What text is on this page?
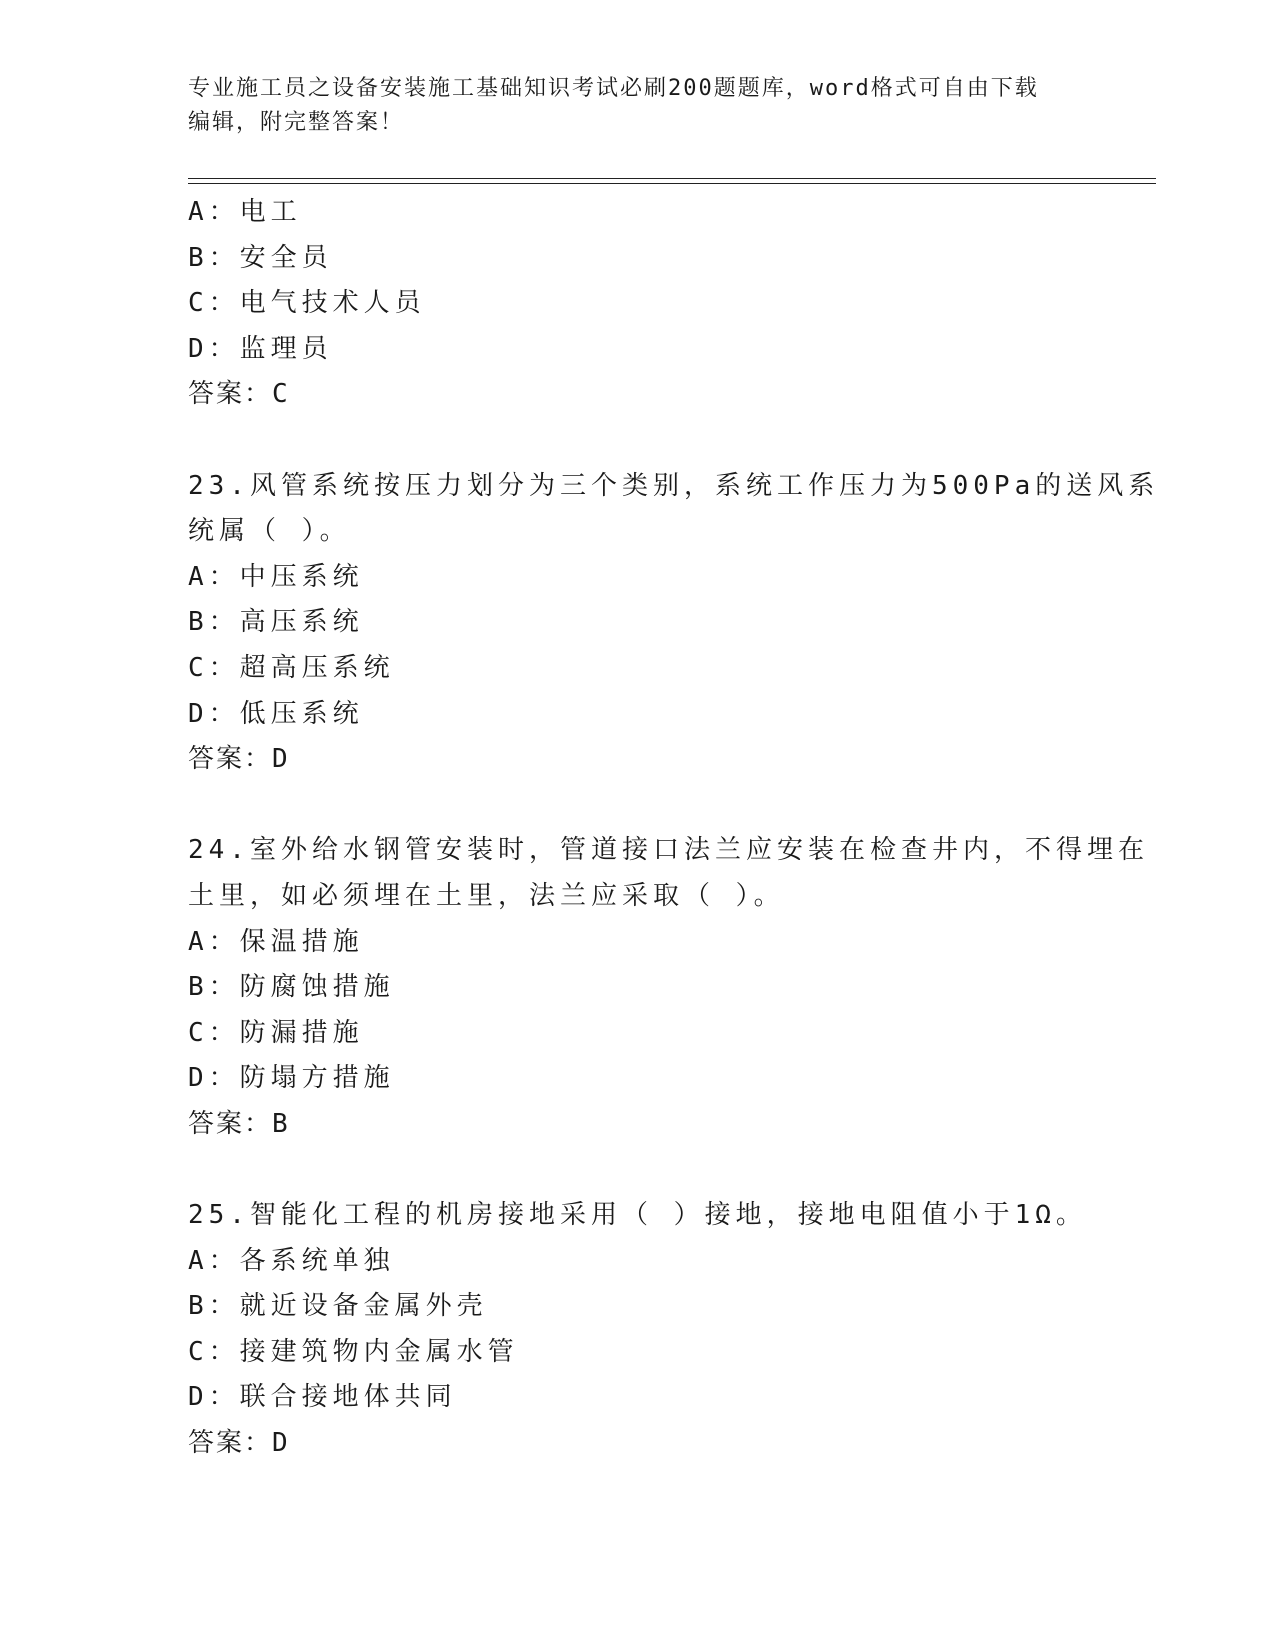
专业施工员之设备安装施工基础知识考试必刷200题题库，word格式可自由下载
编辑，附完整答案！
A：电工
B：安全员
C：电气技术人员
D：监理员
答案：C
23.风管系统按压力划分为三个类别，系统工作压力为500Pa的送风系
统属（ ）。
A：中压系统
B：高压系统
C：超高压系统
D：低压系统
答案：D
24.室外给水钢管安装时，管道接口法兰应安装在检查井内，不得埋在
土里，如必须埋在土里，法兰应采取（ ）。
A：保温措施
B：防腐蚀措施
C：防漏措施
D：防塌方措施
答案：B
25.智能化工程的机房接地采用（ ）接地，接地电阻值小于1Ω。
A：各系统单独
B：就近设备金属外壳
C：接建筑物内金属水管
D：联合接地体共同
答案：D
